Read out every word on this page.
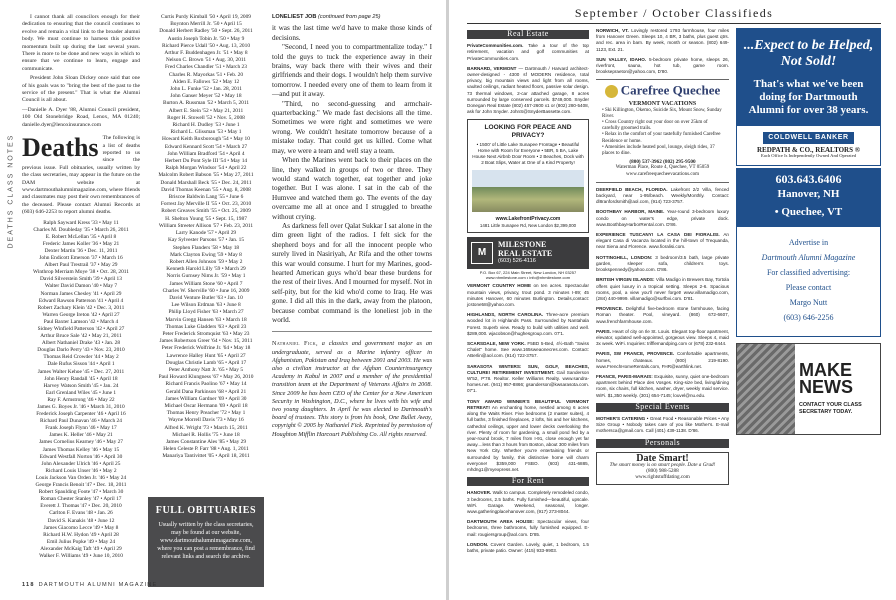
DEATHS CLASS NOTES

I cannot thank all councilors enough for their dedication to ensuring that the council continues to evolve and remain a vital link to the broader alumni body. We must continue to harness this positive momentum built up during the last several years. There is more to be done and new ways in which to ensure that we continue to learn, engage and communicate.

President John Sloan Dickey once said that one of his goals was to "bring the best of the past to the service of the present." That is what the Alumni Council is all about.

—Danielle A. Dyer '88, Alumni Council president, 100 Old Stonebridge Road, Lenox, MA 01240; danielle.dyer@lenoxinsurance.com

Deaths The following is a list of deaths reported to us since the previous issue. Full obituaries, usually written by the class secretaries, may appear in the future on the DAM website at www.dartmouthalumnimagazine.com, where friends and classmates may post their own remembrances of the deceased. Please contact Alumni Records at (603) 646-2253 to report alumni deaths.

Ralph Sayward Kress '33 • May 11
Charles M. Doubleday '35 • March 26, 2011
E. Robert McLellan '35 • April 8
Frederic James Koller '36 • May 21
Dexter Martin '36 • Dec. 11, 2011
John Endicott Emerson '37 • March 16
Albert Paul Trestrail '37 • May 29
Winthrop Merriam Moye '38 • Oct. 28, 2011
David Silverstein Smith '39 • April 13
Walter David Damon '40 • May 7
Norman James Chesley '41 • April 29
Edward Rawson Patterson '41 • April 4
Robert Zachary Klein '42 • Dec. 3, 2011
Warren George Ireton '42 • April 27
Paul Baxter Lamson '42 • March 4
Sidney Winfield Patterson '42 • April 27
Arthur Bruce Sale '42 • May 21, 2011
Albert Nathaniel Drake '43 • Jan. 28
Douglas Darlo Perry '43 • Nov. 23, 2010
Thomas Reid Crowder '44 • May 2
Dale Rufus Sisson '44 • April 1
James Walter Kehoe '45 • Dec. 27, 2011
John Henry Randall '45 • April 18
Harvey Watson Smith '45 • Jan. 24
Earl Grenland Wiles '45 • June 1
Ray F. Armstrong '46 • May 22
James G. Boyes Jr. '46 • March 31, 2010
Frederick Joseph Carpenter '46 • April 16
Richard Paul Dunavan '46 • March 24
Frank Joseph Flynn '46 • May 17
James K. Heller '46 • May 21
James Cornelius Kearney '46 • May 27
James Thomas Kelley '46 • May 15
Edward Westfall Norton '46 • April 30
John Alexander Ulrich '46 • April 25
Richard Louis Unser '46 • May 2
Louis Jackson Van Orden Jr. '46 • May 24
George Francis Benoit '47 • Dec. 18, 2011
Robert Spaulding Foote '47 • March 30
Roman Chester Stanley '47 • April 17
Everett J. Thomas '47 • Dec. 20, 2010
Carlton F. Evans '48 • Jan. 26
David S. Kanakis '48 • June 12
James Giacomo Lecce '49 • May 8
Richard H.W. Hydon '49 • April 28
Emil Julius Popke '49 • May 24
Alexander McKaig Taft '49 • April 29
Walker F. Williams '49 • June 10, 2010
Curtis Purdy Kimball '50 • April 19, 2009
Boynton Merrill Jr. '50 • April 15
Donald Herbert Radley '50 • Sept. 26, 2011
Austin Joseph Tobin Jr. '50 • May 9
Richard Pierce Udall '50 • Aug. 13, 2010
Arthur F. Buddenhagen Jr. '51 • May 8
Nelson C. Brown '51 • Aug. 30, 2011
Fred Charles Chandler '51 • March 23
Charles R. Mayorkas '51 • Feb. 20
Alden E. Fallows '52 • May 12
John L. Funke '52 • Jan. 28, 2011
John Ganser Meyer '52 • May 18
Burton A. Russman '52 • March 5, 2011
Albert E. Stein '52 • May 21, 2011
Roger H. Stowell '52 • Nov. 5, 2008
Richard H. Dudley '53 • June 1
Richard L. Glissman '53 • May 1
Howard Keith Roxborough '54 • May 10
Edward Kennard Scott '54 • March 27
John William Bradford '54 • April 4
Herbert Du Pont Syle III '54 • May 14
Ralph Morgan Windsor '54 • April 22
Malcolm Robert Babson '55 • May 27, 2011
Donald Marshall Beck '55 • Dec. 24, 2011
David Thomas Keenan '55 • Aug. 8, 2008
Briscoe Baldwin Lang '55 • June 6
Forrest Jay Merville II '55 • Oct. 23, 2010
Robert Greaves Smith '55 • Oct. 25, 2009
H. Shelton Young '55 • Sept. 15, 1987
William Streeter Allison '57 • Feb. 23, 2011
Larry Kanode '57 • April 29
Kay Sylvester Parsons '57 • Jan. 15
Stephen Flanders '58 • May 18
Mark Clayton Ewing '59 • May 8
Robert Allen Johnson '59 • May 2
Kenneth Harold Lilly '59 • March 29
Norris Gurnsey Nims Jr. '59 • May 1
James William Stone '60 • April 7
Charles W. Sherville '60 • June 16, 2009
David Venture Butler '63 • Jan. 10
Lee Wilson Erdman '63 • June 8
Philip Lloyd Fisher '63 • March 27
Marvin Gregg Hansen '63 • March 18
Thomas Luke Gladders '63 • April 23
Peter Frederick Stromquist '63 • May 23
James Robertson Greer '64 • Nov. 15, 2011
Peter Frederick Wolfrine Jr. '64 • May 18
Lawrence Halley Hunt '65 • April 27
Douglas Christie Lamb '65 • April 17
Peter Anthony Natt Jr. '65 • May 5
Paul Howard Klungness '67 • May 26, 2010
Richard Francis Paolino '67 • May 14
Gerald Dana Parkinson '68 • April 21
James William Gardner '69 • April 30
Michael Oscar Hermann '69 • April 18
Thomas Henry Preacher '72 • May 1
Wayne Morrell Davis '73 • May 16
Alfred K. Wright '73 • March 15, 2011
Michael R. Hollis '75 • June 18
James Constantine Ales '85 • May 29
Helen Celeste P. Farr '88 • Aug. 1, 2011
Manariya Tantivittet '05 • April 18, 2011
FULL OBITUARIES

Usually written by the class secretaries, may be found at our website, www.dartmouthalumnimagazine.com, where you can post a remembrance, find relevant links and search the archive.

LONELIEST JOB (continued from page 25)

it was the last time we'd have to make those kinds of decisions.

"Second, I need you to compartmentalize today." I told the guys to tuck the experience away in their brains, way back there with their wives and their girlfriends and their dogs. I wouldn't help them survive tomorrow. I needed every one of them to learn from it—and put it away.

"Third, no second-guessing and armchair-quarterbacking." We made fast decisions all the time. Sometimes we were right and sometimes we were wrong. We couldn't hesitate tomorrow because of a mistake today. That could get us killed. Come what may, we were a team and well stay a team.

When the Marines went back to their places on the line, they walked in groups of two or three. They would stand watch together, eat together and joke together. But I was alone. I sat in the cab of the Humvee and watched them go. The events of the day overcame me all at once and I struggled to breathe without crying.

As darkness fell over Qalat Sukkar I sat alone in the dim green light of the radios. I felt sick for the shepherd boys and for all the innocent people who surely lived in Nasiriyah, Ar Rifa and the other towns this war would consume. I hurt for my Marines, good-hearted American guys who'd bear these burdens for the rest of their lives. And I mourned for myself. Not in self-pity, but for the kid who'd come to Iraq. He was gone. I did all this in the dark, away from the platoon, because combat command is the loneliest job in the world.

Nathaniel Fick, a classics and government major as an undergraduate, served as a Marine infantry officer in Afghanistan, Pakistan and Iraq between 2001 and 2003. He was also a civilian instructor at the Afghan Counterinsurgency Academy in Kabul in 2007 and a member of the presidential transition team at the Department of Veterans Affairs in 2008. Since 2009 he has been CEO of the Center for a New American Security in Washington, D.C., where he lives with his wife and two young daughters. In April he was elected to Dartmouth's board of trustees. This story is from his book, One Bullet Away, copyright © 2005 by Nathaniel Fick. Reprinted by permission of Houghton Mifflin Harcourt Publishing Co. All rights reserved.
118 DARTMOUTH ALUMNI MAGAZINE
September / October Classifieds
Real Estate
PrivateCommunities.com. Take a tour of the top retirement, vacation and golf communities at PrivateCommunities.com.
BARNARD, VERMONT — Dartmouth / Harvard architect-owner-designed - 4300 sf MODERN residence, total privacy, big mountain views and light from all rooms, vaulted ceilings, radiant heated floors, passive solar design. 73 thermal windows, 2-car attached garage, 8 acres surrounded by large conserved parcels. $749,000. Snyder Donegan Real Estate (802) 457-2600 x1 or (802) 280-5408, ask for John Snyder. JohnS@SnyderBassette.com.
LOOKING FOR PEACE AND PRIVACY?
• 1500' of Little Lake Sunapee Frontage • Beautiful Home with Room for Everyone • 5BR, 5 BA, Lake House Next Airbnb Door Room • 2 Beaches, Dock with 2 Boat Slips, Water at One of a Kind Property!
www.LakefrontPrivacy.com
1481 Little Sunapee Rd, New London $2,399,000
M
MILESTONE
REAL ESTATE
(603) 526-4116
P.O. Box 67, 224 Main Street, New London, NH 03257 www.nhmilestone.com • info@nhmilestone.com
VERMONT COUNTRY HOME on ten acres. Spectacular mountain views, privacy, trout pond. 3 minutes I-89; 45 minutes Hanover, 60 minutes Burlington. Details,contact: jcstone58@yahoo.com.
HIGHLANDS, NORTH CAROLINA. Three-acre premium wooded lot in Highlands Pass. Surrounded by Nantahala Forest. Superb view. Ready to build with utilities and well. $289,000. wjacobson@hughesgroup.com. 07'1.
SCARSDALE, NEW YORK. F5BD 5-Bed, 4½-Bath "Swiss Chalet" home. See www.165sweaonecres.com. Contact: ABerlin@aol.com. (914) 722-3757.
SARASOTA WINTERS: SUN, GOLF, BEACHES, CULTURE! RETIREMENT INVESTMENT. Gail Sanderson W'52, P'78. Realtor. Keller Williams Realty. www.sandra-homes.net. (941) 957-8866; gsanderson@kwsarasota.com. 07'1.
TONY AWARD WINNER'S BEAUTIFUL VERMONT RETREAT! An enchanting home, nestled among 6 acres along the Waits River. Five bedrooms (2 master suites), 4 full baths, 3 finished fireplaces, 2 lofts, his and her kitchens, cathedral ceilings, upper and lower decks overlooking the river. Plenty of room for gardening, a small pond fed by a year-round brook, 7 miles from I-91, close enough yet far away....less than 3 hours from Boston, about 300 miles from New York City. Whether you're entertaining friends or surrounded by family, this distinctive home will charm everyone! $359,000 FSBO. (603) 431-6885, mhdng1@myexpress.net.
For Rent
HANOVER. Walk to campus. Completely remodeled condo, 3 bedrooms, 2.5 baths. Fully furnished—beautiful, upscale. WiFi. Garage. Weekend, seasonal, longer. www.gatheringplacehanover.com, (917) 273-8044.
DARTMOUTH AREA HOUSE: Spectacular views, four bedrooms, three bathrooms, fully furnished equipped. E-mail: rougiersgroup@aol.com. D'85.
LONDON. Covent Garden. Lovely, quiet, 1 bedroom, 1.5 baths, private patio. Owner: (415) 933-9903.
NORWICH, VT. Lovingly restored 1793 farmhouse, four miles from Hanover Green. Sleeps 10, 4 BR, 3 baths, plus guest qtrs. and rec. area in barn. By week, month or season. (802) 649-1123, Ext. 21.
SUN VALLEY, IDAHO. 5-bedroom private home, sleeps 26, riverfront, sauna, hot tub, game room. brooksepraeton@yahoo.com, D'80.
Carefree Quechee
VERMONT VACATIONS
• Ski Killington, Okemo, Suicide Six, Mount Snow, Sunday River.
• Cross Country right out your door on over 25km of carefully groomed trails.
• Relax in the comfort of your tastefully furnished Carefree Residence or home.
• Amenities include heated pool, lounge, sleigh rides, 37 places to dine.
(800) 537-3962 (802) 295-9500
Waterman Place, Route 4, Quechee, VT 05059 www.carefreequecheevacations.com
DEERFIELD BEACH, FLORIDA. Lakefront 2/2 Villa, fenced backyard, near 1-95/beach. Weekly/Monthly. Contact: dl8ranfordsmith@aol.com, (914) 723-3757.
BOOTHBAY HARBOR, MAINE. Year-round 3-bedroom luxury condo on water's edge, private dock. www.BoothbayHarborRental.com. D'86.
EXPERIENCE TUSCANY! LA CASA DEI FIORALISI. An elegant Casa di Vacanza located in the hill-town of Trequanda, near Siena and Florence. www.fioralisi.com.
NOTTINGHILL, LONDON: 3 bedroom/3.5 bath, large private garden, sleeper sofa, children's toys. brookspennedy@yahoo.com. D'86.
BRITISH VIRGIN ISLANDS: Villa Madigo in Brewers Bay, Tortola offers quiet luxury in a tropical setting. Sleeps 2-6. Spacious rooms, pool, a view you'll never forget! www.villamadigo.com, (284) 440-9999. villamadigo@surfbvi.com. D'81.
PROVENCE. Delightful five-bedroom stone farmhouse, facing Roman theater. Pool, vineyard. (860) 672-6607, www.frenchfarmhouse.com.
PARIS. Heart of city on Ile St. Louis. Elegant top-floor apartment, elevator, updated well-appointed, gorgeous view. Sleeps 4, maid 3x week. WiFi. Inquiries: trifflemandping.com or (678) 232-8444.
PARIS, SW FRANCE, PROVENCE. Comfortable apartments, homes, chateaux. (800) 219-8190. www.FrenchHomeRentals.com, FHR@earthlink.net.
FRANCE, PARIS-MARAIS: Exquisite, sunny, quiet one-bedroom apartment behind Place des Vosges. King-size bed, living/dining room, six chairs, full kitchen, washer, dryer, weekly maid service. WiFi. $1,350 weekly. (301) 654-7145; louvel@nu.edu.
Special Events
MOTHER'S CATERING • Great Food • Reasonable Prices • Any Size Group • Nobody takes care of you like Mother's. E-mail mothersca@gmail.com. Call (401) 439-1138. D'86.
Personals
Date Smart!
The smart money is on smart people. Date a Grad!
(800) 988-5288
www.rightstuffdating.com
...Expect to be Helped, Not Sold!
That's what we've been doing for Dartmouth Alumni for over 38 years.
COLDWELL BANKER
REDPATH & CO., REALTORS ®
Each Office Is Independently Owned And Operated
603.643.6406
Hanover, NH
• Quechee, VT

Advertise in

Dartmouth Alumni Magazine

For classified advertising:

Please contact

Margo Nutt

(603) 646-2256

MAKE
NEWS
CONTACT YOUR CLASS SECRETARY TODAY.
